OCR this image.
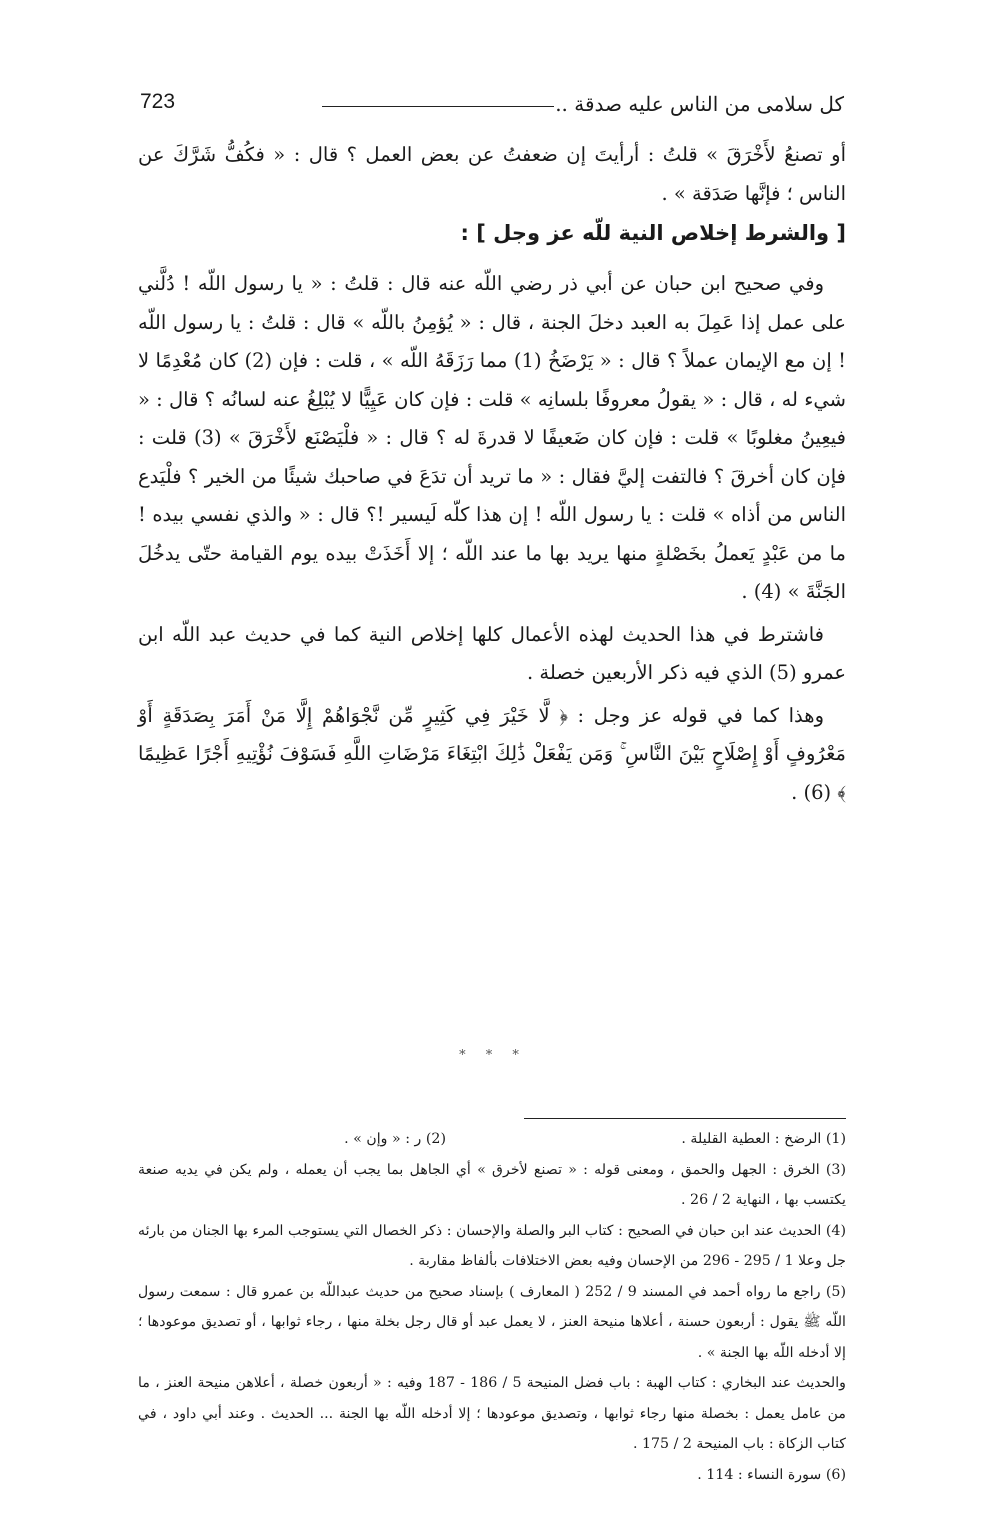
كل سلامى من الناس عليه صدقة ..
723

أو تصنعُ لأَخْرَقَ » قلتُ : أرأيتَ إن ضعفتُ عن بعض العمل ؟ قال : « فكُفُّ شَرَّكَ عن الناس ؛ فإنَّها صَدَقة » .

[ والشرط إخلاص النية للّه عز وجل ] :

وفي صحيح ابن حبان عن أبي ذر رضي اللّه عنه قال : قلتُ : « يا رسول اللّه ! دُلَّني على عمل إذا عَمِلَ به العبد دخلَ الجنة ، قال : « يُؤمِنُ باللّه » قال : قلتُ : يا رسول اللّه ! إن مع الإيمان عملاً ؟ قال : « يَرْضَخُ (1) مما رَزَقَهُ اللّه » ، قلت : فإن (2) كان مُعْدِمًا لا شيء له ، قال : « يقولُ معروفًا بلسانِه » قلت : فإن كان عَيِيًّا لا يُبْلِغُ عنه لسانُه ؟ قال : « فيعِينُ مغلوبًا » قلت : فإن كان ضَعيفًا لا قدرةَ له ؟ قال : « فلْيَصْنَع لأَخْرَقَ » (3) قلت : فإن كان أخرقَ ؟ فالتفت إليَّ فقال : « ما تريد أن تدَعَ في صاحبك شيئًا من الخير ؟ فلْيَدع الناس من أذاه » قلت : يا رسول اللّه ! إن هذا كلّه لَيسير !؟ قال : « والذي نفسي بيده ! ما من عَبْدٍ يَعملُ بخَصْلةٍ منها يريد بها ما عند اللّه ؛ إلا أَخَذَتْ بيده يوم القيامة حتّى يدخُلَ الجَنَّةَ » (4) .

فاشترط في هذا الحديث لهذه الأعمال كلها إخلاص النية كما في حديث عبد اللّه ابن عمرو (5) الذي فيه ذكر الأربعين خصلة .

وهذا كما في قوله عز وجل : ﴿ لَّا خَيْرَ فِي كَثِيرٍ مِّن نَّجْوَاهُمْ إِلَّا مَنْ أَمَرَ بِصَدَقَةٍ أَوْ مَعْرُوفٍ أَوْ إِصْلَاحٍ بَيْنَ النَّاسِ ۚ وَمَن يَفْعَلْ ذَٰلِكَ ابْتِغَاءَ مَرْضَاتِ اللَّهِ فَسَوْفَ نُؤْتِيهِ أَجْرًا عَظِيمًا ﴾ (6) .

* * *
(1) الرضخ : العطية القليلة .
(2) ر : « وإن » .

(3) الخرق : الجهل والحمق ، ومعنى قوله : « تصنع لأخرق » أي الجاهل بما يجب أن يعمله ، ولم يكن في يديه صنعة يكتسب بها ، النهاية 2 / 26 .

(4) الحديث عند ابن حبان في الصحيح : كتاب البر والصلة والإحسان : ذكر الخصال التي يستوجب المرء بها الجنان من بارئه جل وعلا 1 / 295 - 296 من الإحسان وفيه بعض الاختلافات بألفاظ مقاربة .

(5) راجع ما رواه أحمد في المسند 9 / 252 ( المعارف ) بإسناد صحيح من حديث عبداللّه بن عمرو قال : سمعت رسول اللّه ﷺ يقول : أربعون حسنة ، أعلاها منيحة العنز ، لا يعمل عبد أو قال رجل بخلة منها ، رجاء ثوابها ، أو تصديق موعودها ؛ إلا أدخله اللّه بها الجنة » .

والحديث عند البخاري : كتاب الهبة : باب فضل المنيحة 5 / 186 - 187 وفيه : « أربعون خصلة ، أعلاهن منيحة العنز ، ما من عامل يعمل : بخصلة منها رجاء ثوابها ، وتصديق موعودها ؛ إلا أدخله اللّه بها الجنة ... الحديث . وعند أبي داود ، في كتاب الزكاة : باب المنيحة 2 / 175 .

(6) سورة النساء : 114 .
